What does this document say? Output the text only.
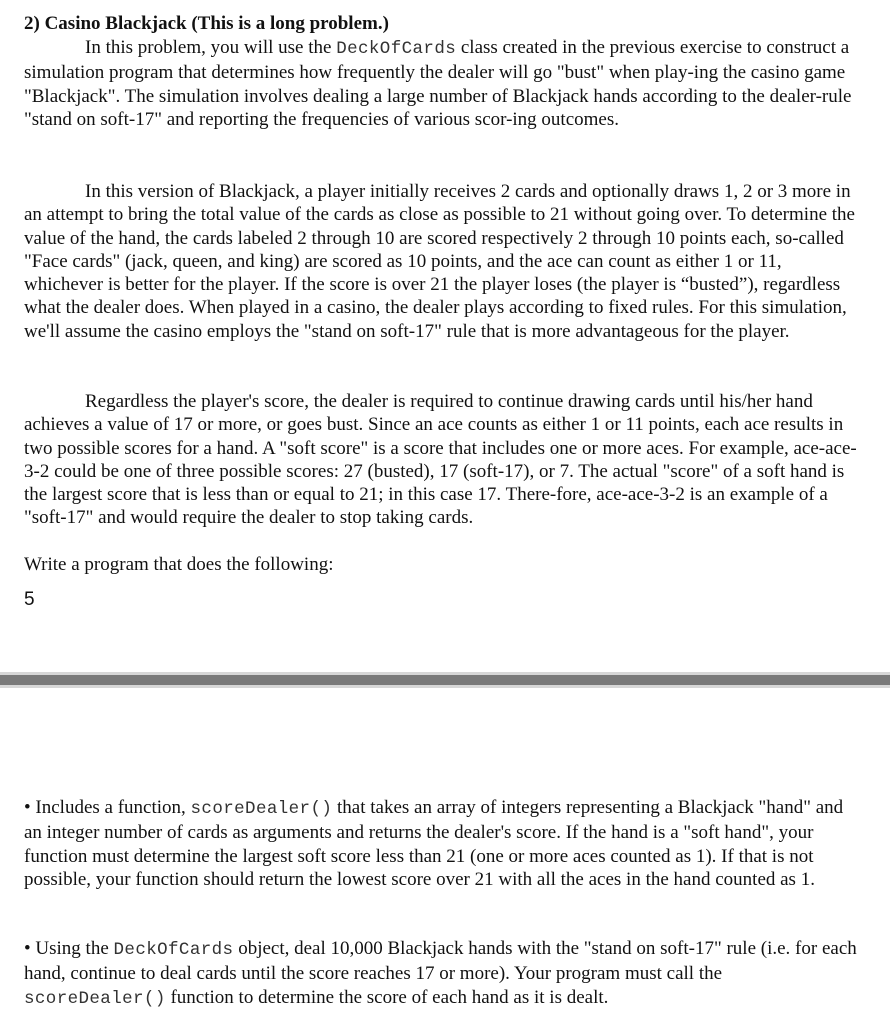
2) Casino Blackjack (This is a long problem.)

In this problem, you will use the DeckOfCards class created in the previous exercise to construct a simulation program that determines how frequently the dealer will go "bust" when play-ing the casino game "Blackjack". The simulation involves dealing a large number of Blackjack hands according to the dealer-rule "stand on soft-17" and reporting the frequencies of various scor-ing outcomes.

In this version of Blackjack, a player initially receives 2 cards and optionally draws 1, 2 or 3 more in an attempt to bring the total value of the cards as close as possible to 21 without going over. To determine the value of the hand, the cards labeled 2 through 10 are scored respectively 2 through 10 points each, so-called "Face cards" (jack, queen, and king) are scored as 10 points, and the ace can count as either 1 or 11, whichever is better for the player. If the score is over 21 the player loses (the player is “busted”), regardless what the dealer does. When played in a casino, the dealer plays according to fixed rules. For this simulation, we'll assume the casino employs the "stand on soft-17" rule that is more advantageous for the player.

Regardless the player's score, the dealer is required to continue drawing cards until his/her hand achieves a value of 17 or more, or goes bust. Since an ace counts as either 1 or 11 points, each ace results in two possible scores for a hand. A "soft score" is a score that includes one or more aces. For example, ace-ace-3-2 could be one of three possible scores: 27 (busted), 17 (soft-17), or 7. The actual "score" of a soft hand is the largest score that is less than or equal to 21; in this case 17. There-fore, ace-ace-3-2 is an example of a "soft-17" and would require the dealer to stop taking cards.

Write a program that does the following:

5

• Includes a function, scoreDealer() that takes an array of integers representing a Blackjack "hand" and an integer number of cards as arguments and returns the dealer's score. If the hand is a "soft hand", your function must determine the largest soft score less than 21 (one or more aces counted as 1). If that is not possible, your function should return the lowest score over 21 with all the aces in the hand counted as 1.

• Using the DeckOfCards object, deal 10,000 Blackjack hands with the "stand on soft-17" rule (i.e. for each hand, continue to deal cards until the score reaches 17 or more). Your program must call the scoreDealer() function to determine the score of each hand as it is dealt.
